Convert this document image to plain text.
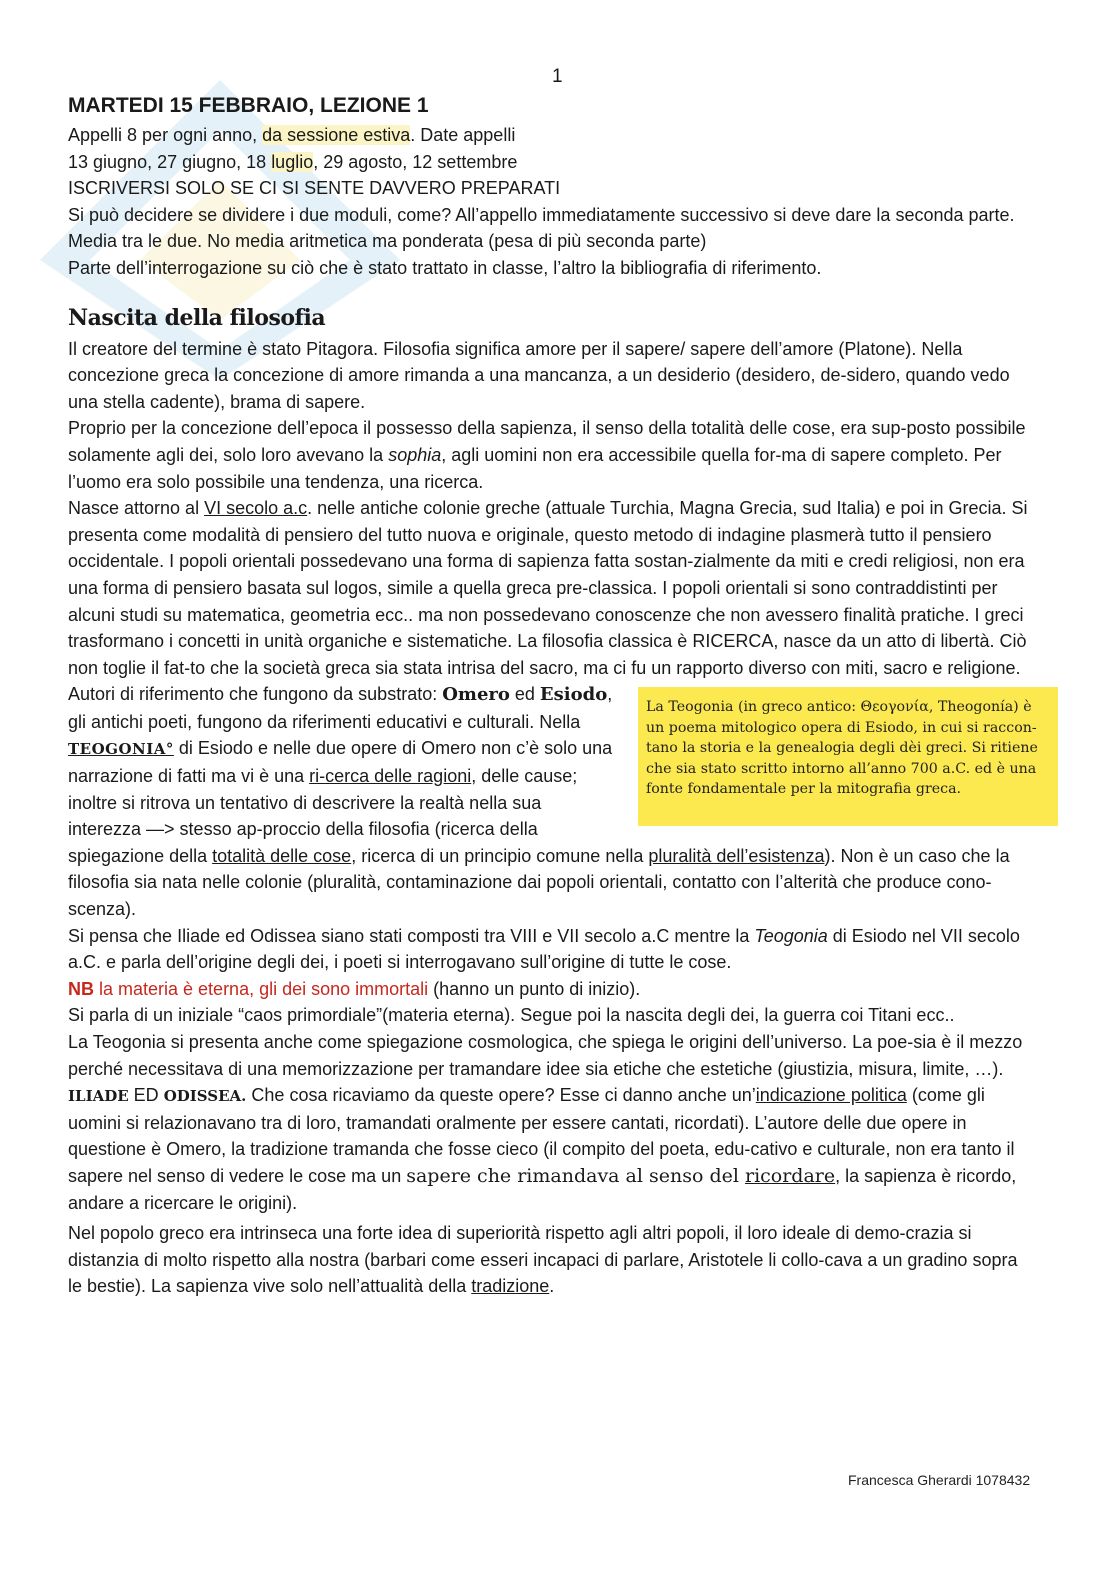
1
MARTEDI 15 FEBBRAIO, LEZIONE 1

Appelli 8 per ogni anno, da sessione estiva. Date appelli

13 giugno, 27 giugno, 18 luglio, 29 agosto, 12 settembre

ISCRIVERSI SOLO SE CI SI SENTE DAVVERO PREPARATI

Si può decidere se dividere i due moduli, come? All’appello immediatamente successivo si deve dare la seconda parte. Media tra le due. No media aritmetica ma ponderata (pesa di più seconda parte)

Parte dell’interrogazione su ciò che è stato trattato in classe, l’altro la bibliografia di riferimento.

Nascita della filosofia

Il creatore del termine è stato Pitagora. Filosofia significa amore per il sapere/ sapere dell’amore (Platone). Nella concezione greca la concezione di amore rimanda a una mancanza, a un desiderio (desidero, de-sidero, quando vedo una stella cadente), brama di sapere.

Proprio per la concezione dell’epoca il possesso della sapienza, il senso della totalità delle cose, era sup-posto possibile solamente agli dei, solo loro avevano la sophia, agli uomini non era accessibile quella for-ma di sapere completo. Per l’uomo era solo possibile una tendenza, una ricerca.

Nasce attorno al VI secolo a.c. nelle antiche colonie greche (attuale Turchia, Magna Grecia, sud Italia) e poi in Grecia. Si presenta come modalità di pensiero del tutto nuova e originale, questo metodo di indagine plasmerà tutto il pensiero occidentale. I popoli orientali possedevano una forma di sapienza fatta sostan-zialmente da miti e credi religiosi, non era una forma di pensiero basata sul logos, simile a quella greca pre-classica. I popoli orientali si sono contraddistinti per alcuni studi su matematica, geometria ecc.. ma non possedevano conoscenze che non avessero finalità pratiche. I greci trasformano i concetti in unità organiche e sistematiche. La filosofia classica è RICERCA, nasce da un atto di libertà. Ciò non toglie il fat-to che la società greca sia stata intrisa del sacro, ma ci fu un rapporto diverso con miti, sacro e religione.

La Teogonia (in greco antico: Θεογονία, Theogonía) è un poema mitologico opera di Esiodo, in cui si raccon-tano la storia e la genealogia degli dèi greci. Si ritiene che sia stato scritto intorno all’anno 700 a.C. ed è una fonte fondamentale per la mitografia greca.

Autori di riferimento che fungono da substrato: Omero ed Esiodo, gli antichi poeti, fungono da riferimenti educativi e culturali. Nella TEOGONIA° di Esiodo e nelle due opere di Omero non c’è solo una narrazione di fatti ma vi è una ri-cerca delle ragioni, delle cause; inoltre si ritrova un tentativo di descrivere la realtà nella sua interezza —> stesso ap-proccio della filosofia (ricerca della spiegazione della totalità delle cose, ricerca di un principio comune nella pluralità dell’esistenza). Non è un caso che la filosofia sia nata nelle colonie (pluralità, contaminazione dai popoli orientali, contatto con l’alterità che produce cono-scenza).

Si pensa che Iliade ed Odissea siano stati composti tra VIII e VII secolo a.C mentre la Teogonia di Esiodo nel VII secolo a.C. e parla dell’origine degli dei, i poeti si interrogavano sull’origine di tutte le cose.

NB la materia è eterna, gli dei sono immortali (hanno un punto di inizio).

Si parla di un iniziale “caos primordiale”(materia eterna). Segue poi la nascita degli dei, la guerra coi Titani ecc..

La Teogonia si presenta anche come spiegazione cosmologica, che spiega le origini dell’universo. La poe-sia è il mezzo perché necessitava di una memorizzazione per tramandare idee sia etiche che estetiche (giustizia, misura, limite, …).

ILIADE ED ODISSEA. Che cosa ricaviamo da queste opere? Esse ci danno anche un’indicazione politica (come gli uomini si relazionavano tra di loro, tramandati oralmente per essere cantati, ricordati). L’autore delle due opere in questione è Omero, la tradizione tramanda che fosse cieco (il compito del poeta, edu-cativo e culturale, non era tanto il sapere nel senso di vedere le cose ma un sapere che rimandava al senso del ricordare, la sapienza è ricordo, andare a ricercare le origini).

Nel popolo greco era intrinseca una forte idea di superiorità rispetto agli altri popoli, il loro ideale di demo-crazia si distanzia di molto rispetto alla nostra (barbari come esseri incapaci di parlare, Aristotele li collo-cava a un gradino sopra le bestie). La sapienza vive solo nell’attualità della tradizione.

Francesca Gherardi 1078432
